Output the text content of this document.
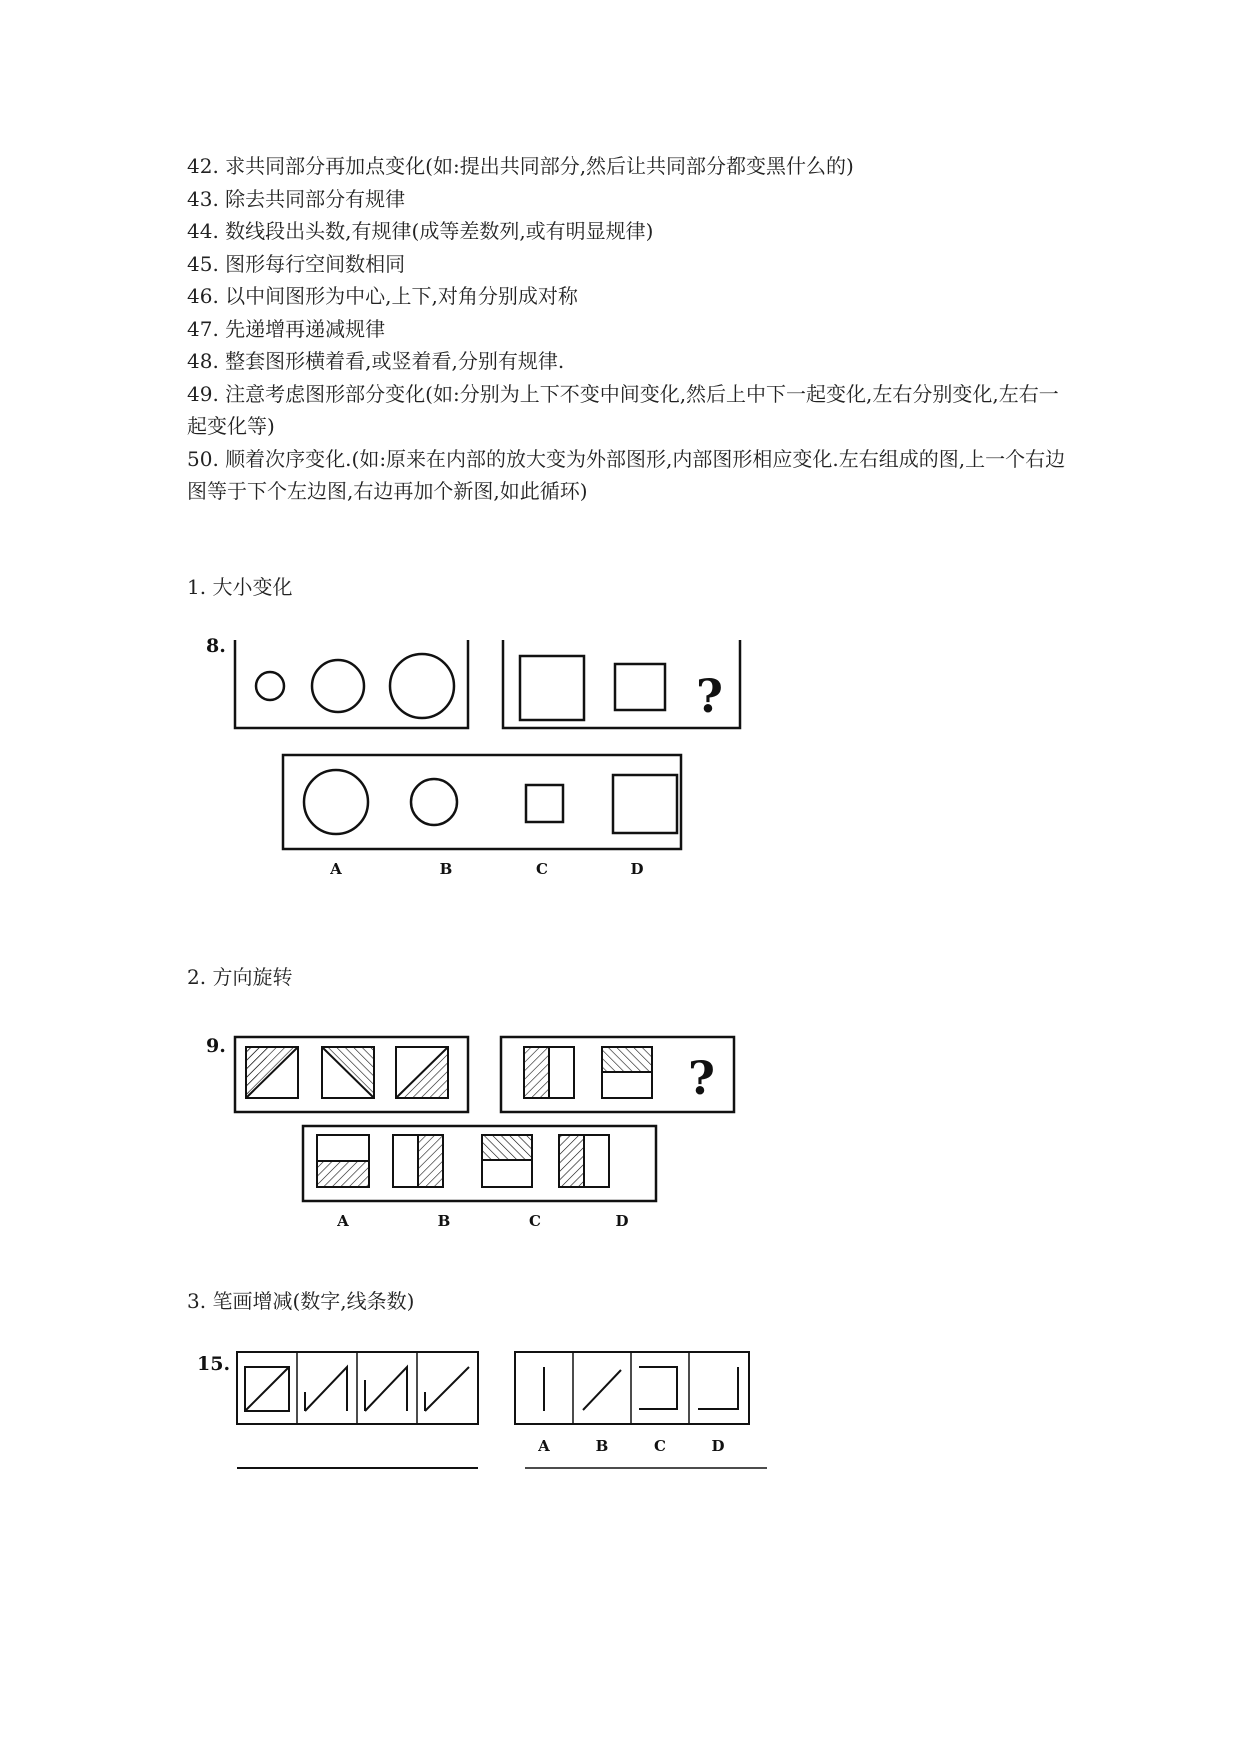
42. 求共同部分再加点变化(如:提出共同部分,然后让共同部分都变黑什么的)

43. 除去共同部分有规律

44. 数线段出头数,有规律(成等差数列,或有明显规律)

45. 图形每行空间数相同

46. 以中间图形为中心,上下,对角分别成对称

47. 先递增再递减规律

48. 整套图形横着看,或竖着看,分别有规律.

49. 注意考虑图形部分变化(如:分别为上下不变中间变化,然后上中下一起变化,左右分别变化,左右一起变化等)

50. 顺着次序变化.(如:原来在内部的放大变为外部图形,内部图形相应变化.左右组成的图,上一个右边图等于下个左边图,右边再加个新图,如此循环)

1. 大小变化

8.
?
A	B	C	D

2. 方向旋转

9.
?
A	B	C	D

3. 笔画增减(数字,线条数)

15.
A	B	C	D
